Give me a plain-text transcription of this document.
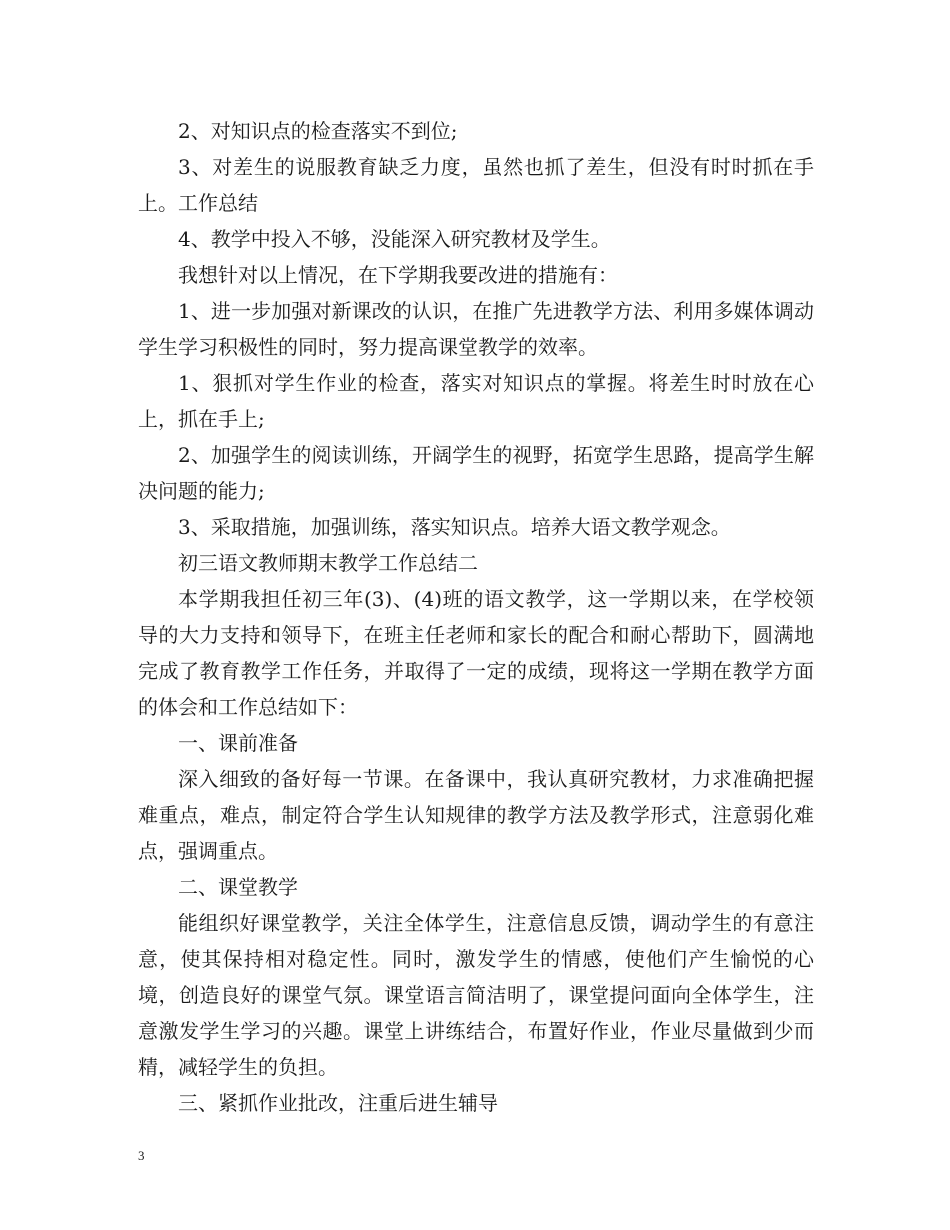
2、对知识点的检查落实不到位;

3、对差生的说服教育缺乏力度，虽然也抓了差生，但没有时时抓在手上。工作总结

4、教学中投入不够，没能深入研究教材及学生。

我想针对以上情况，在下学期我要改进的措施有：

1、进一步加强对新课改的认识，在推广先进教学方法、利用多媒体调动学生学习积极性的同时，努力提高课堂教学的效率。

1、狠抓对学生作业的检查，落实对知识点的掌握。将差生时时放在心上，抓在手上;

2、加强学生的阅读训练，开阔学生的视野，拓宽学生思路，提高学生解决问题的能力;

3、采取措施，加强训练，落实知识点。培养大语文教学观念。

初三语文教师期末教学工作总结二

本学期我担任初三年(3)、(4)班的语文教学，这一学期以来，在学校领导的大力支持和领导下，在班主任老师和家长的配合和耐心帮助下，圆满地完成了教育教学工作任务，并取得了一定的成绩，现将这一学期在教学方面的体会和工作总结如下：

一、课前准备

深入细致的备好每一节课。在备课中，我认真研究教材，力求准确把握难重点，难点，制定符合学生认知规律的教学方法及教学形式，注意弱化难点，强调重点。

二、课堂教学

能组织好课堂教学，关注全体学生，注意信息反馈，调动学生的有意注意，使其保持相对稳定性。同时，激发学生的情感，使他们产生愉悦的心境，创造良好的课堂气氛。课堂语言简洁明了，课堂提问面向全体学生，注意激发学生学习的兴趣。课堂上讲练结合，布置好作业，作业尽量做到少而精，减轻学生的负担。

三、紧抓作业批改，注重后进生辅导

3
